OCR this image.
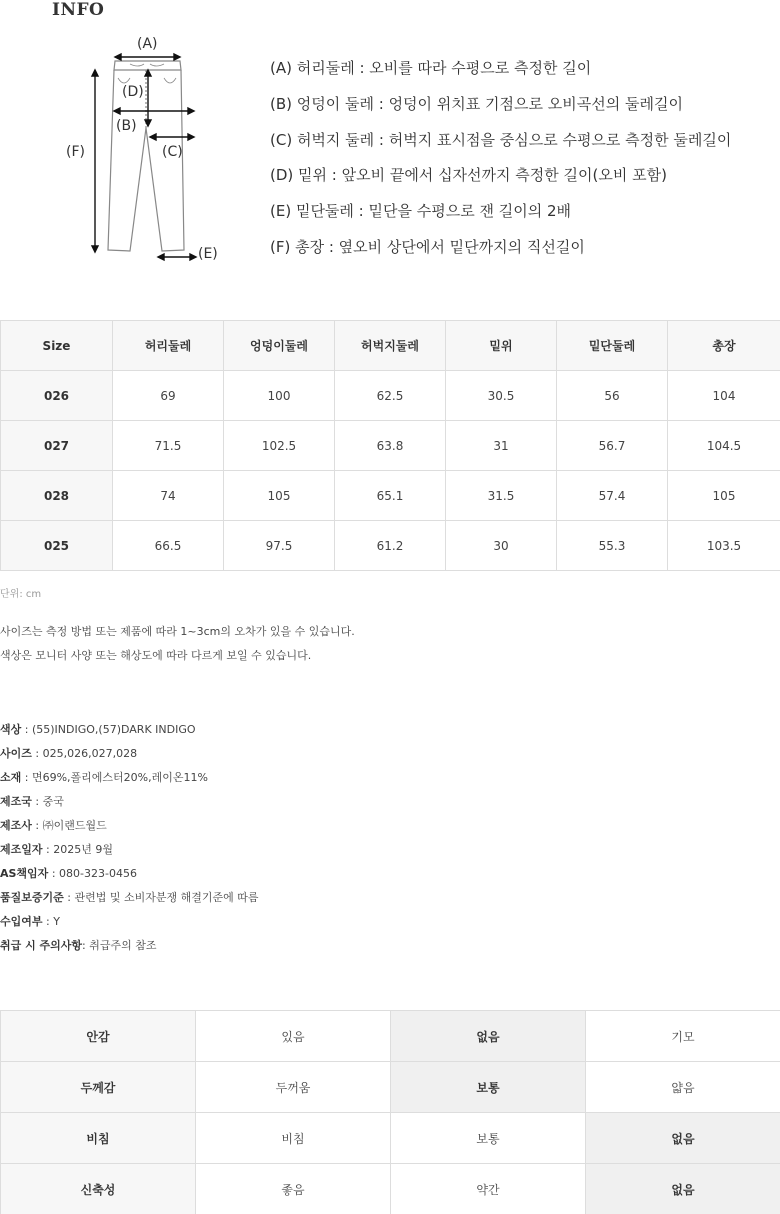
INFO
(A)
(D)
(B)
(C)
(F)
(E)
(A) 허리둘레 : 오비를 따라 수평으로 측정한 길이
(B) 엉덩이 둘레 : 엉덩이 위치표 기점으로 오비곡선의 둘레길이
(C) 허벅지 둘레 : 허벅지 표시점을 중심으로 수평으로 측정한 둘레길이
(D) 밑위 : 앞오비 끝에서 십자선까지 측정한 길이(오비 포함)
(E) 밑단둘레 : 밑단을 수평으로 잰 길이의 2배
(F) 총장 : 옆오비 상단에서 밑단까지의 직선길이
Size	허리둘레	엉덩이둘레	허벅지둘레	밑위	밑단둘레	총장
026	69	100	62.5	30.5	56	104
027	71.5	102.5	63.8	31	56.7	104.5
028	74	105	65.1	31.5	57.4	105
025	66.5	97.5	61.2	30	55.3	103.5
단위: cm
사이즈는 측정 방법 또는 제품에 따라 1~3cm의 오차가 있을 수 있습니다.
색상은 모니터 사양 또는 해상도에 따라 다르게 보일 수 있습니다.
색상 : (55)INDIGO,(57)DARK INDIGO
사이즈 : 025,026,027,028
소재 : 면69%,폴리에스터20%,레이온11%
제조국 : 중국
제조사 : ㈜이랜드월드
제조일자 : 2025년 9월
AS책임자 : 080-323-0456
품질보증기준 : 관련법 및 소비자분쟁 해결기준에 따름
수입여부 : Y
취급 시 주의사항: 취급주의 참조
안감	있음	없음	기모
두께감	두꺼움	보통	얇음
비침	비침	보통	없음
신축성	좋음	약간	없음
